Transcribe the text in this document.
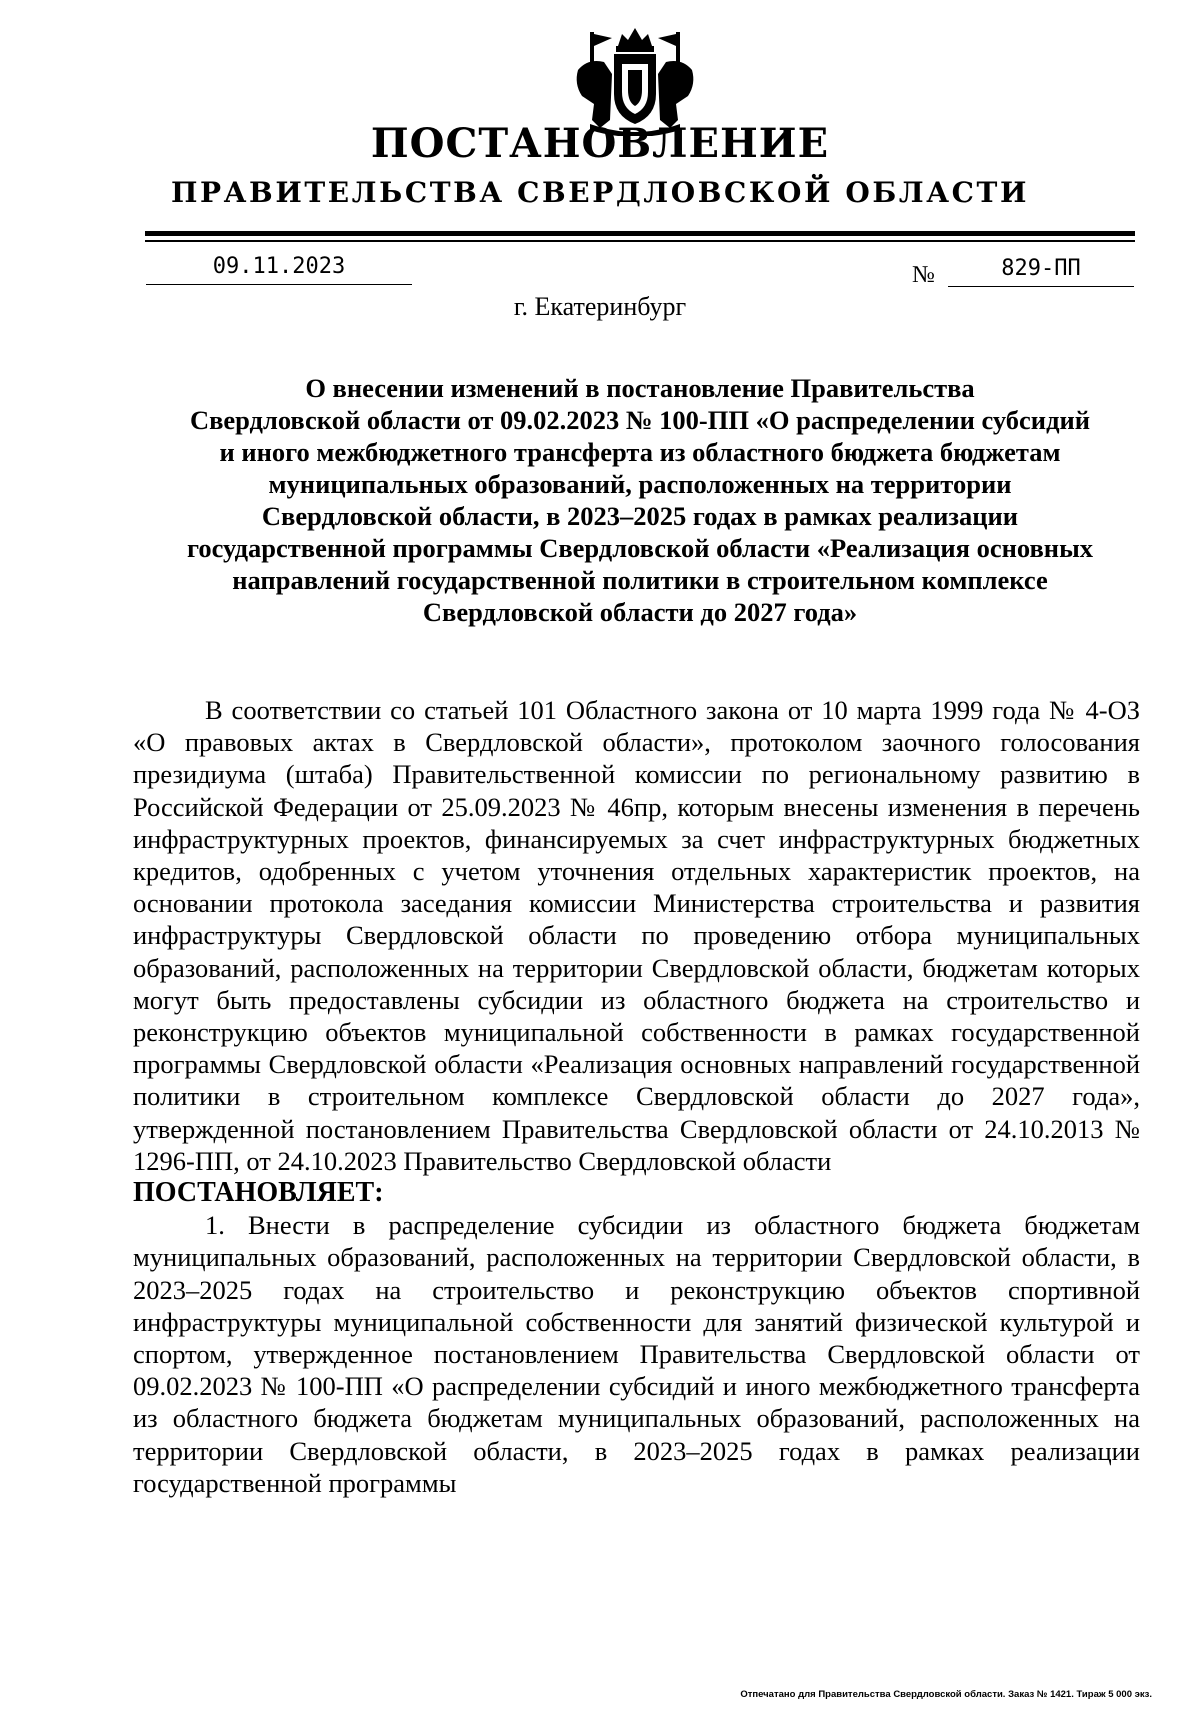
ПОСТАНОВЛЕНИЕ
ПРАВИТЕЛЬСТВА СВЕРДЛОВСКОЙ ОБЛАСТИ
09.11.2023	№	829-ПП
г. Екатеринбург
О внесении изменений в постановление Правительства
Свердловской области от 09.02.2023 № 100-ПП «О распределении субсидий
и иного межбюджетного трансферта из областного бюджета бюджетам
муниципальных образований, расположенных на территории
Свердловской области, в 2023–2025 годах в рамках реализации
государственной программы Свердловской области «Реализация основных
направлений государственной политики в строительном комплексе
Свердловской области до 2027 года»

В соответствии со статьей 101 Областного закона от 10 марта 1999 года № 4-ОЗ «О правовых актах в Свердловской области», протоколом заочного голосования президиума (штаба) Правительственной комиссии по региональному развитию в Российской Федерации от 25.09.2023 № 46пр, которым внесены изменения в перечень инфраструктурных проектов, финансируемых за счет инфраструктурных бюджетных кредитов, одобренных с учетом уточнения отдельных характеристик проектов, на основании протокола заседания комиссии Министерства строительства и развития инфраструктуры Свердловской области по проведению отбора муниципальных образований, расположенных на территории Свердловской области, бюджетам которых могут быть предоставлены субсидии из областного бюджета на строительство и реконструкцию объектов муниципальной собственности в рамках государственной программы Свердловской области «Реализация основных направлений государственной политики в строительном комплексе Свердловской области до 2027 года», утвержденной постановлением Правительства Свердловской области от 24.10.2013 № 1296-ПП, от 24.10.2023 Правительство Свердловской области

ПОСТАНОВЛЯЕТ:

1. Внести в распределение субсидии из областного бюджета бюджетам муниципальных образований, расположенных на территории Свердловской области, в 2023–2025 годах на строительство и реконструкцию объектов спортивной инфраструктуры муниципальной собственности для занятий физической культурой и спортом, утвержденное постановлением Правительства Свердловской области от 09.02.2023 № 100-ПП «О распределении субсидий и иного межбюджетного трансферта из областного бюджета бюджетам муниципальных образований, расположенных на территории Свердловской области, в 2023–2025 годах в рамках реализации государственной программы

Отпечатано для Правительства Свердловской области. Заказ № 1421. Тираж 5 000 экз.
